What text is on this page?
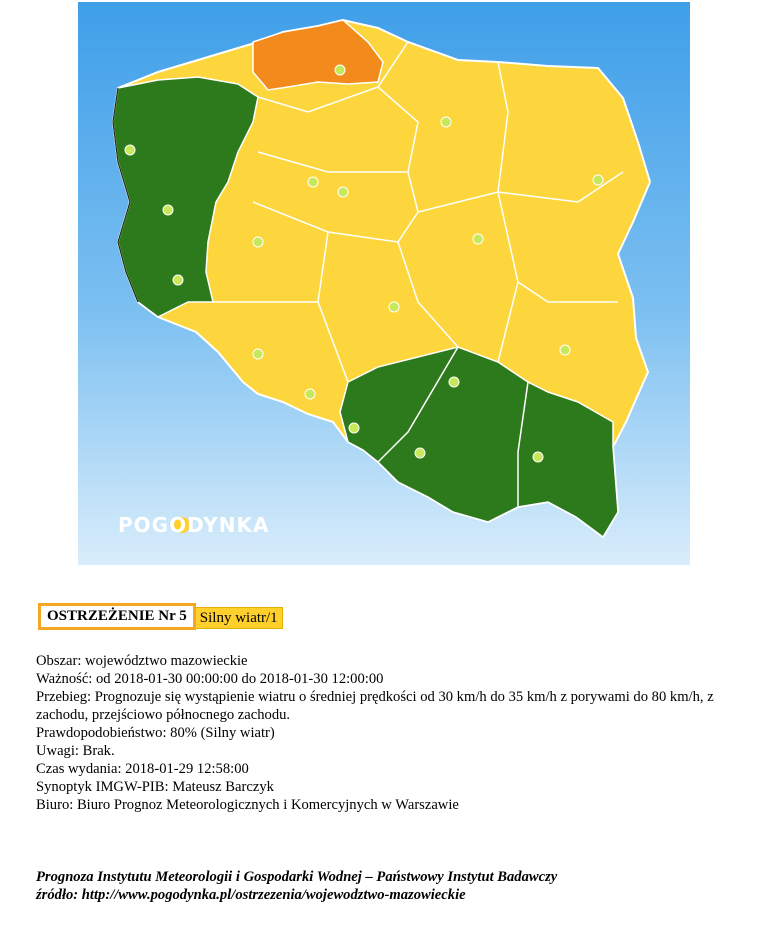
POGODYNKA
OSTRZEŻENIE Nr 5 Silny wiatr/1
Obszar: województwo mazowieckie
Ważność: od 2018-01-30 00:00:00 do 2018-01-30 12:00:00
Przebieg: Prognozuje się wystąpienie wiatru o średniej prędkości od 30 km/h do 35 km/h z porywami do 80 km/h, z zachodu, przejściowo północnego zachodu.
Prawdopodobieństwo: 80% (Silny wiatr)
Uwagi: Brak.
Czas wydania: 2018-01-29 12:58:00
Synoptyk IMGW-PIB: Mateusz Barczyk
Biuro: Biuro Prognoz Meteorologicznych i Komercyjnych w Warszawie
Prognoza Instytutu Meteorologii i Gospodarki Wodnej – Państwowy Instytut Badawczy
źródło: http://www.pogodynka.pl/ostrzezenia/wojewodztwo-mazowieckie
